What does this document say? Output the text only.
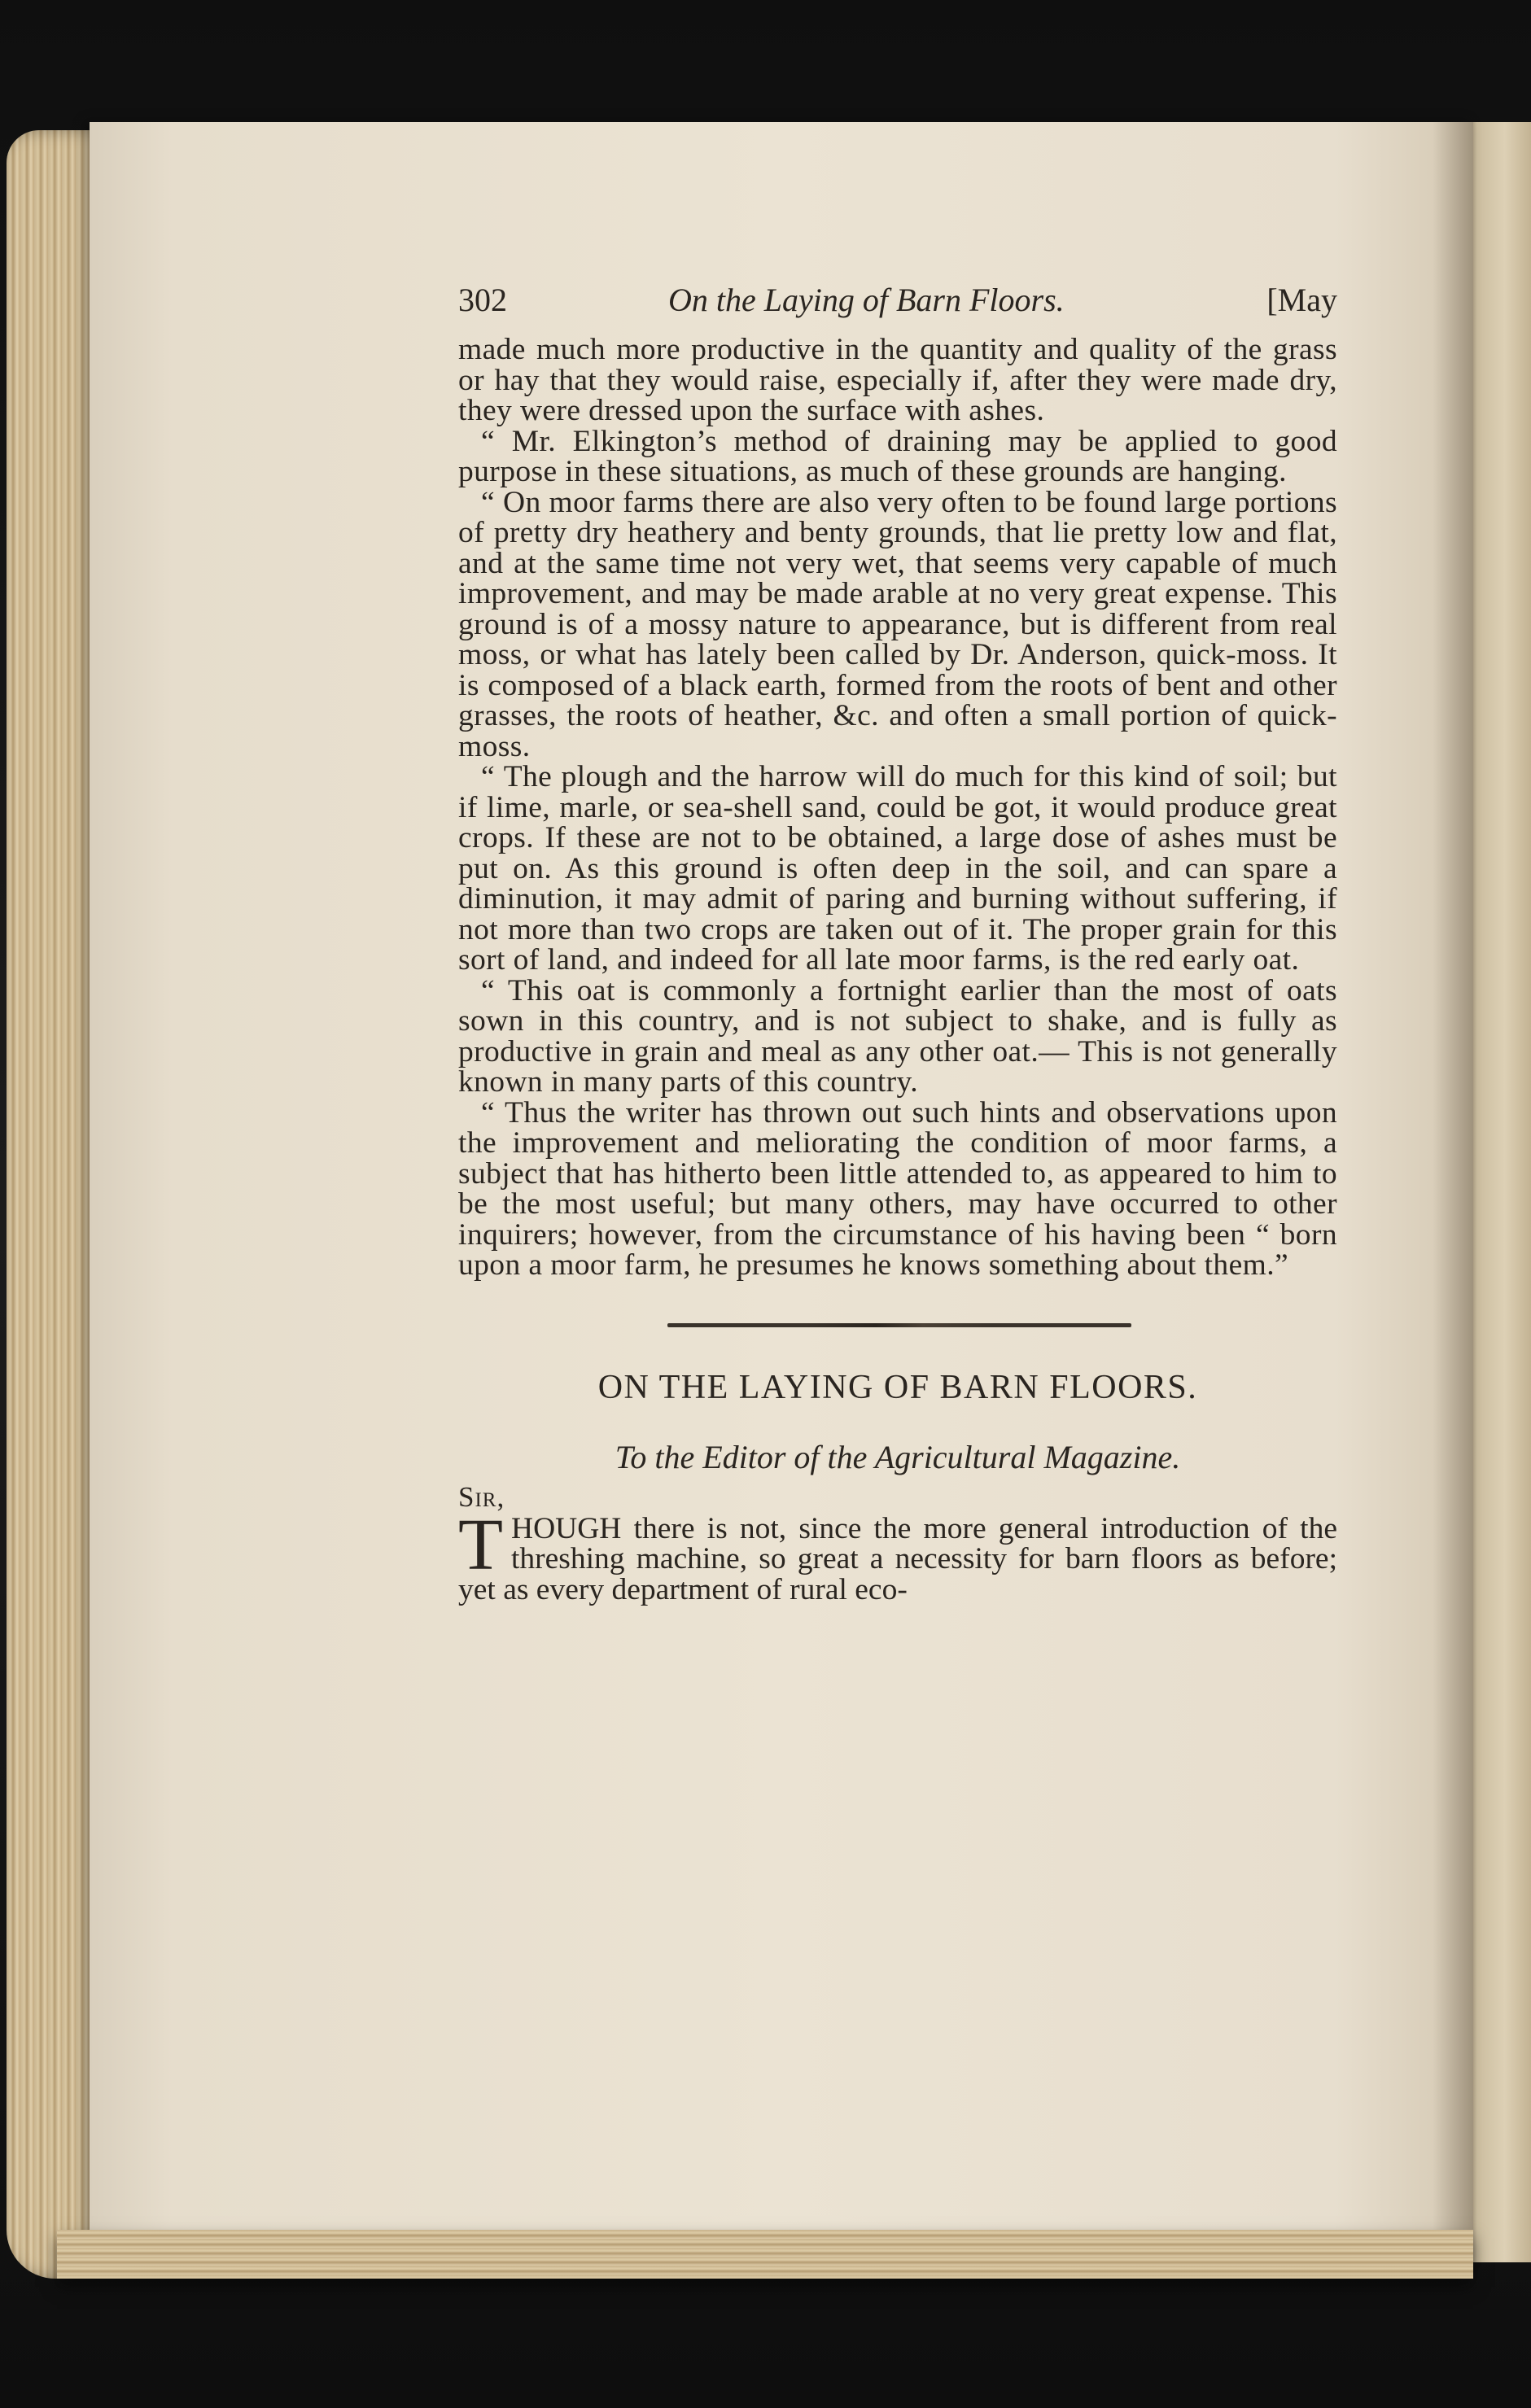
302	On the Laying of Barn Floors.	[May

made much more productive in the quantity and quality of the grass or hay that they would raise, especially if, after they were made dry, they were dressed upon the surface with ashes.

“ Mr. Elkington’s method of draining may be applied to good purpose in these situations, as much of these grounds are hanging.

“ On moor farms there are also very often to be found large portions of pretty dry heathery and benty grounds, that lie pretty low and flat, and at the same time not very wet, that seems very capable of much improvement, and may be made arable at no very great expense. This ground is of a mossy nature to appearance, but is different from real moss, or what has lately been called by Dr. Anderson, quick-moss. It is composed of a black earth, formed from the roots of bent and other grasses, the roots of heather, &c. and often a small portion of quick-moss.

“ The plough and the harrow will do much for this kind of soil; but if lime, marle, or sea-shell sand, could be got, it would produce great crops. If these are not to be obtained, a large dose of ashes must be put on. As this ground is often deep in the soil, and can spare a diminution, it may admit of paring and burning without suffering, if not more than two crops are taken out of it. The proper grain for this sort of land, and indeed for all late moor farms, is the red early oat.

“ This oat is commonly a fortnight earlier than the most of oats sown in this country, and is not subject to shake, and is fully as productive in grain and meal as any other oat.— This is not generally known in many parts of this country.

“ Thus the writer has thrown out such hints and observations upon the improvement and meliorating the condition of moor farms, a subject that has hitherto been little attended to, as appeared to him to be the most useful; but many others, may have occurred to other inquirers; however, from the circumstance of his having been “ born upon a moor farm, he presumes he knows something about them.”

ON THE LAYING OF BARN FLOORS.

To the Editor of the Agricultural Magazine.

Sir,

THOUGH there is not, since the more general introduction of the threshing machine, so great a necessity for barn floors as before; yet as every department of rural eco-
